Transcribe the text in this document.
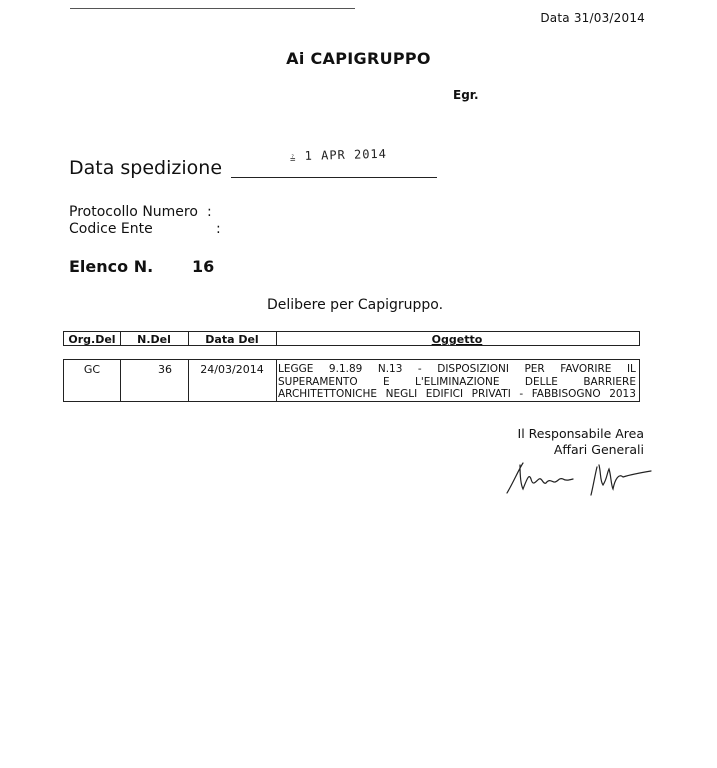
Data 31/03/2014
Ai CAPIGRUPPO
Egr.
≟ 1 APR 2014
Data spedizione
Protocollo Numero :
Codice Ente	:
Elenco N. 16
Delibere per Capigruppo.
Org.Del	N.Del	Data Del	Oggetto
GC	36	24/03/2014	LEGGE 9.1.89 N.13 - DISPOSIZIONI PER FAVORIRE IL
SUPERAMENTO E L'ELIMINAZIONE DELLE BARRIERE
ARCHITETTONICHE NEGLI EDIFICI PRIVATI - FABBISOGNO 2013
Il Responsabile Area
Affari Generali
